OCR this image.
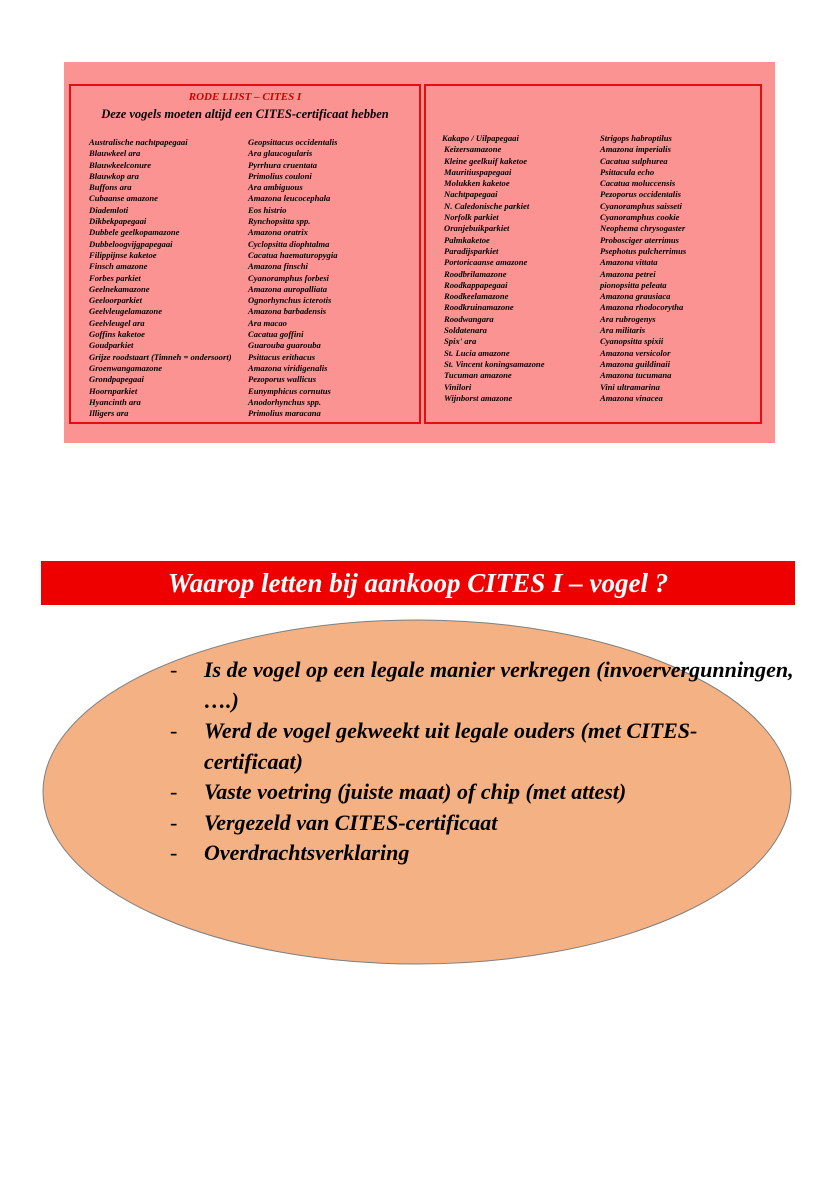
RODE LIJST – CITES I
Deze vogels moeten altijd een CITES-certificaat hebben
Australische nachtpapegaai
Blauwkeel ara
Blauwkeelconure
Blauwkop ara
Buffons ara
Cubaanse amazone
Diademloti
Dikbekpapegaai
Dubbele geelkopamazone
Dubbeloogvijgpapegaai
Filippijnse kaketoe
Finsch amazone
Forbes parkiet
Geelnekamazone
Geeloorparkiet
Geelvleugelamazone
Geelvleugel ara
Goffins kaketoe
Goudparkiet
Grijze roodstaart (Timneh = ondersoort)
Groenwangamazone
Grondpapegaai
Hoornparkiet
Hyancinth ara
Illigers ara
Geopsittacus occidentalis
Ara glaucogularis
Pyrrhura cruentata
Primolius couloni
Ara ambiguous
Amazona leucocephala
Eos histrio
Rynchopsitta spp.
Amazona oratrix
Cyclopsitta diophtalma
Cacatua haematuropygia
Amazona finschi
Cyanoramphus forbesi
Amazona auropalliata
Ognorhynchus icterotis
Amazona barbadensis
Ara macao
Cacatua goffini
Guarouba guarouba
Psittacus erithacus
Amazona viridigenalis
Pezoporus wallicus
Eunymphicus cornutus
Anodorhynchus spp.
Primolius maracana
Kakapo / Uilpapegaai
Keizersamazone
Kleine geelkuif kaketoe
Mauritiuspapegaai
Molukken kaketoe
Nachtpapegaai
N. Caledonische parkiet
Norfolk parkiet
Oranjebuikparkiet
Palmkaketoe
Paradijsparkiet
Portoricaanse amazone
Roodbrilamazone
Roodkappapegaai
Roodkeelamazone
Roodkruinamazone
Roodwangara
Soldatenara
Spix' ara
St. Lucia amazone
St. Vincent koningsamazone
Tucuman amazone
Vinilori
Wijnborst amazone
Strigops habroptilus
Amazona imperialis
Cacatua sulphurea
Psittacula echo
Cacatua moluccensis
Pezoporus occidentalis
Cyanoramphus saisseti
Cyanoramphus cookie
Neophema chrysogaster
Probosciger aterrimus
Psephotus pulcherrimus
Amazona vittata
Amazona petrei
pionopsitta peleata
Amazona grausiaca
Amazona rhodocorytha
Ara rubrogenys
Ara militaris
Cyanopsitta spixii
Amazona versicolor
Amazona guildinaii
Amazona tucumana
Vini ultramarina
Amazona vinacea
Waarop letten bij aankoop CITES I – vogel ?
- Is de vogel op een legale manier verkregen (invoervergunningen, ….)
- Werd de vogel gekweekt uit legale ouders (met CITES-certificaat)
- Vaste voetring (juiste maat) of chip (met attest)
- Vergezeld van CITES-certificaat
- Overdrachtsverklaring
